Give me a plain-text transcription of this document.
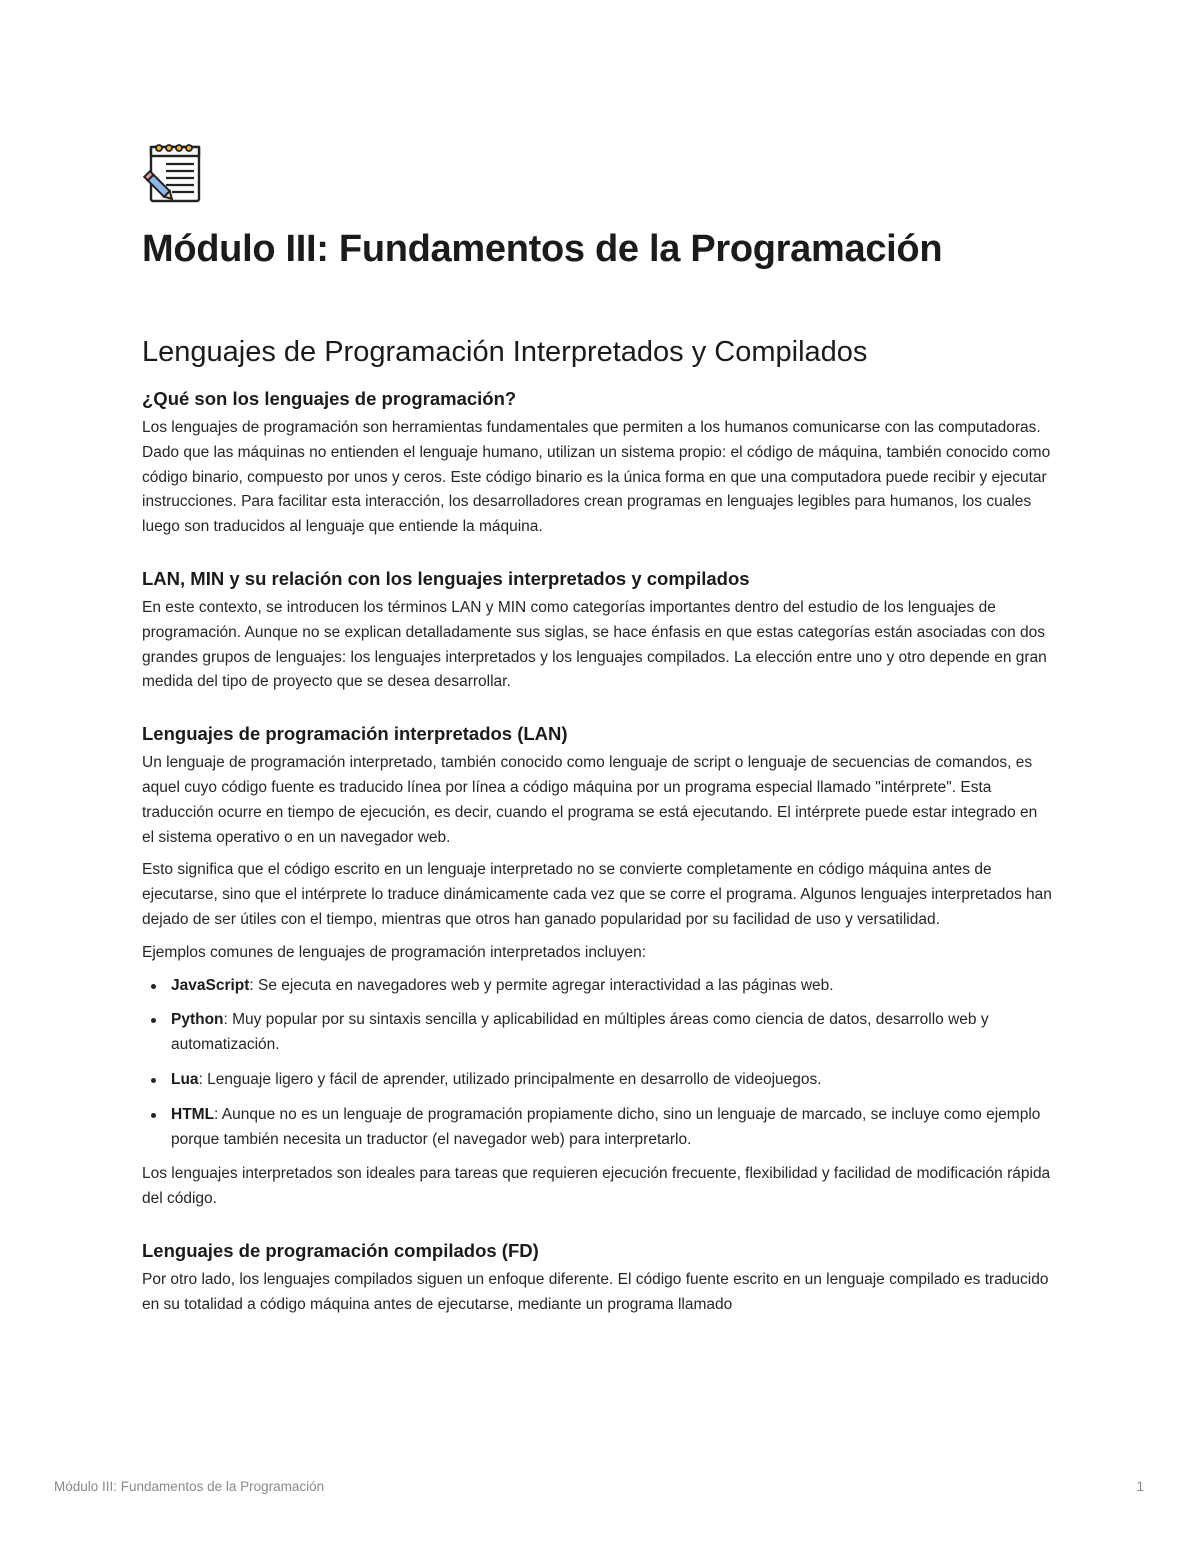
Módulo III: Fundamentos de la Programación
Lenguajes de Programación Interpretados y Compilados
¿Qué son los lenguajes de programación?

Los lenguajes de programación son herramientas fundamentales que permiten a los humanos comunicarse con las computadoras. Dado que las máquinas no entienden el lenguaje humano, utilizan un sistema propio: el código de máquina, también conocido como código binario, compuesto por unos y ceros. Este código binario es la única forma en que una computadora puede recibir y ejecutar instrucciones. Para facilitar esta interacción, los desarrolladores crean programas en lenguajes legibles para humanos, los cuales luego son traducidos al lenguaje que entiende la máquina.

LAN, MIN y su relación con los lenguajes interpretados y compilados

En este contexto, se introducen los términos LAN y MIN como categorías importantes dentro del estudio de los lenguajes de programación. Aunque no se explican detalladamente sus siglas, se hace énfasis en que estas categorías están asociadas con dos grandes grupos de lenguajes: los lenguajes interpretados y los lenguajes compilados. La elección entre uno y otro depende en gran medida del tipo de proyecto que se desea desarrollar.

Lenguajes de programación interpretados (LAN)

Un lenguaje de programación interpretado, también conocido como lenguaje de script o lenguaje de secuencias de comandos, es aquel cuyo código fuente es traducido línea por línea a código máquina por un programa especial llamado "intérprete". Esta traducción ocurre en tiempo de ejecución, es decir, cuando el programa se está ejecutando. El intérprete puede estar integrado en el sistema operativo o en un navegador web.

Esto significa que el código escrito en un lenguaje interpretado no se convierte completamente en código máquina antes de ejecutarse, sino que el intérprete lo traduce dinámicamente cada vez que se corre el programa. Algunos lenguajes interpretados han dejado de ser útiles con el tiempo, mientras que otros han ganado popularidad por su facilidad de uso y versatilidad.

Ejemplos comunes de lenguajes de programación interpretados incluyen:

JavaScript: Se ejecuta en navegadores web y permite agregar interactividad a las páginas web.
Python: Muy popular por su sintaxis sencilla y aplicabilidad en múltiples áreas como ciencia de datos, desarrollo web y automatización.
Lua: Lenguaje ligero y fácil de aprender, utilizado principalmente en desarrollo de videojuegos.
HTML: Aunque no es un lenguaje de programación propiamente dicho, sino un lenguaje de marcado, se incluye como ejemplo porque también necesita un traductor (el navegador web) para interpretarlo.

Los lenguajes interpretados son ideales para tareas que requieren ejecución frecuente, flexibilidad y facilidad de modificación rápida del código.

Lenguajes de programación compilados (FD)

Por otro lado, los lenguajes compilados siguen un enfoque diferente. El código fuente escrito en un lenguaje compilado es traducido en su totalidad a código máquina antes de ejecutarse, mediante un programa llamado

Módulo III: Fundamentos de la Programación	1
